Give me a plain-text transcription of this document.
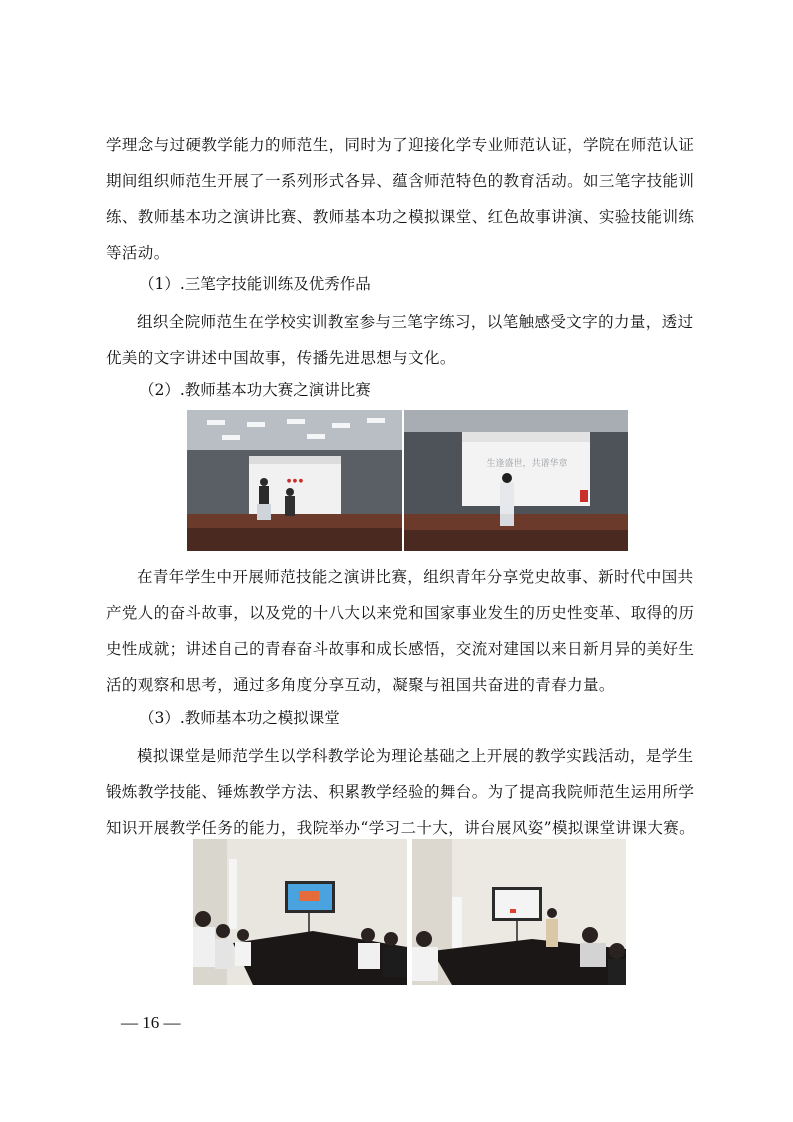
学理念与过硬教学能力的师范生，同时为了迎接化学专业师范认证，学院在师范认证
期间组织师范生开展了一系列形式各异、蕴含师范特色的教育活动。如三笔字技能训
练、教师基本功之演讲比赛、教师基本功之模拟课堂、红色故事讲演、实验技能训练
等活动。
（1）.三笔字技能训练及优秀作品
组织全院师范生在学校实训教室参与三笔字练习，以笔触感受文字的力量，透过
优美的文字讲述中国故事，传播先进思想与文化。
（2）.教师基本功大赛之演讲比赛
● ● ●
生逢盛世，共谱华章
在青年学生中开展师范技能之演讲比赛，组织青年分享党史故事、新时代中国共
产党人的奋斗故事，以及党的十八大以来党和国家事业发生的历史性变革、取得的历
史性成就；讲述自己的青春奋斗故事和成长感悟，交流对建国以来日新月异的美好生
活的观察和思考，通过多角度分享互动，凝聚与祖国共奋进的青春力量。
（3）.教师基本功之模拟课堂
模拟课堂是师范学生以学科教学论为理论基础之上开展的教学实践活动，是学生
锻炼教学技能、锤炼教学方法、积累教学经验的舞台。为了提高我院师范生运用所学
知识开展教学任务的能力，我院举办“学习二十大，讲台展风姿”模拟课堂讲课大赛。
— 16 —
